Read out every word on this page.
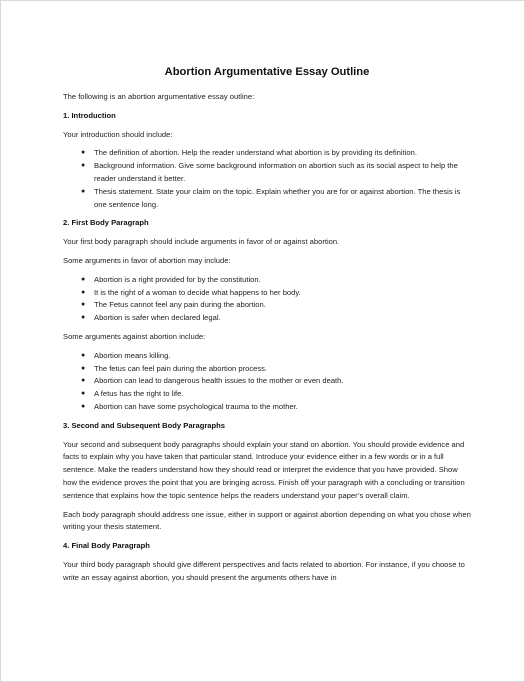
Abortion Argumentative Essay Outline

The following is an abortion argumentative essay outline:

1. Introduction

Your introduction should include:

● The definition of abortion. Help the reader understand what abortion is by providing its definition.
● Background information. Give some background information on abortion such as its social aspect to help the reader understand it better.
● Thesis statement. State your claim on the topic. Explain whether you are for or against abortion. The thesis is one sentence long.
2. First Body Paragraph

Your first body paragraph should include arguments in favor of or against abortion.

Some arguments in favor of abortion may include:

● Abortion is a right provided for by the constitution.
● It is the right of a woman to decide what happens to her body.
● The Fetus cannot feel any pain during the abortion.
● Abortion is safer when declared legal.

Some arguments against abortion include:

● Abortion means killing.
● The fetus can feel pain during the abortion process.
● Abortion can lead to dangerous health issues to the mother or even death.
● A fetus has the right to life.
● Abortion can have some psychological trauma to the mother.
3. Second and Subsequent Body Paragraphs

Your second and subsequent body paragraphs should explain your stand on abortion. You should provide evidence and facts to explain why you have taken that particular stand. Introduce your evidence either in a few words or in a full sentence. Make the readers understand how they should read or interpret the evidence that you have provided. Show how the evidence proves the point that you are bringing across. Finish off your paragraph with a concluding or transition sentence that explains how the topic sentence helps the readers understand your paper’s overall claim.

Each body paragraph should address one issue, either in support or against abortion depending on what you chose when writing your thesis statement.

4. Final Body Paragraph

Your third body paragraph should give different perspectives and facts related to abortion. For instance, if you choose to write an essay against abortion, you should present the arguments others have in
